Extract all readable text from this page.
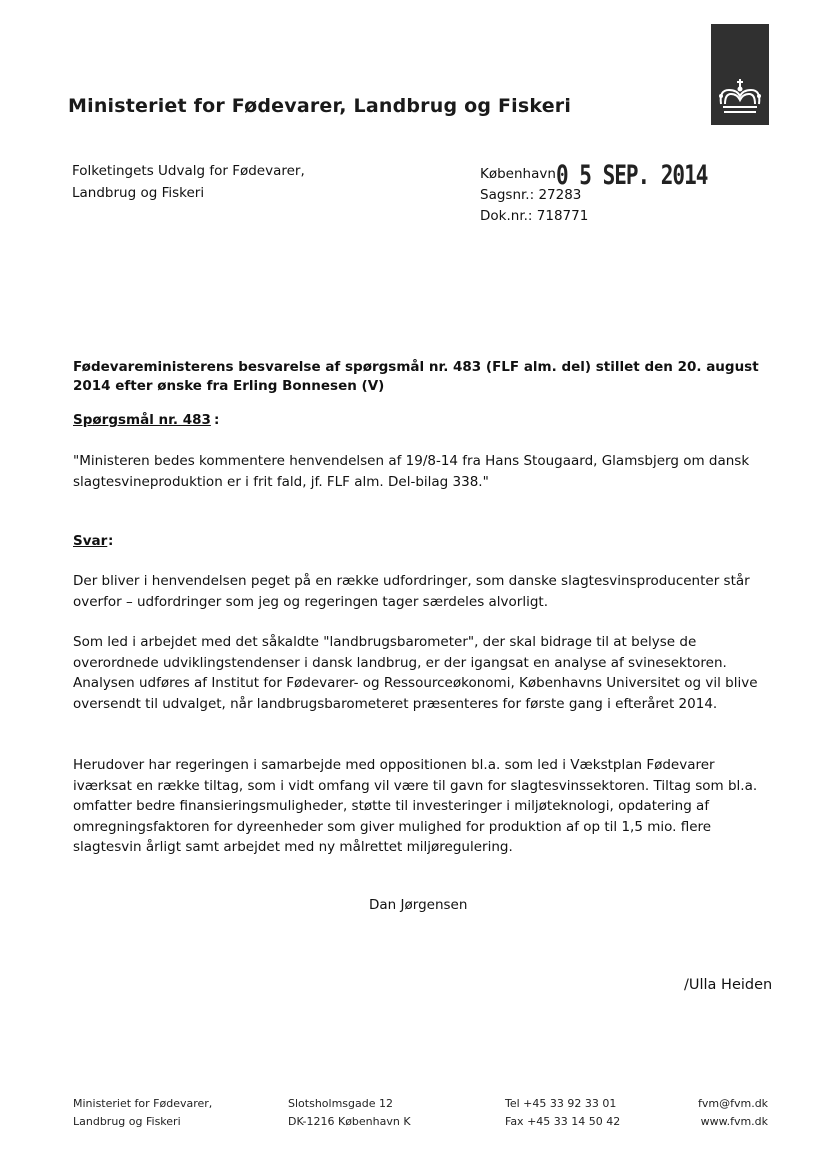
Ministeriet for Fødevarer, Landbrug og Fiskeri
Folketingets Udvalg for Fødevarer,
Landbrug og Fiskeri
København
Sagsnr.: 27283
Dok.nr.: 718771
0 5 SEP. 2014
Fødevareministerens besvarelse af spørgsmål nr. 483 (FLF alm. del) stillet den 20. august 2014 efter ønske fra Erling Bonnesen (V)
Spørgsmål nr. 483 :
"Ministeren bedes kommentere henvendelsen af 19/8-14 fra Hans Stougaard, Glamsbjerg om dansk slagtesvineproduktion er i frit fald, jf. FLF alm. Del-bilag 338."
Svar :
Der bliver i henvendelsen peget på en række udfordringer, som danske slagtesvinsproducenter står overfor – udfordringer som jeg og regeringen tager særdeles alvorligt.
Som led i arbejdet med det såkaldte "landbrugsbarometer", der skal bidrage til at belyse de overordnede udviklingstendenser i dansk landbrug, er der igangsat en analyse af svinesektoren. Analysen udføres af Institut for Fødevarer- og Ressourceøkonomi, Københavns Universitet og vil blive oversendt til udvalget, når landbrugsbarometeret præsenteres for første gang i efteråret 2014.
Herudover har regeringen i samarbejde med oppositionen bl.a. som led i Vækstplan Fødevarer iværksat en række tiltag, som i vidt omfang vil være til gavn for slagtesvinssektoren. Tiltag som bl.a. omfatter bedre finansieringsmuligheder, støtte til investeringer i miljøteknologi, opdatering af omregningsfaktoren for dyreenheder som giver mulighed for produktion af op til 1,5 mio. flere slagtesvin årligt samt arbejdet med ny målrettet miljøregulering.
Dan Jørgensen
/Ulla Heiden
Ministeriet for Fødevarer,
Landbrug og Fiskeri
Slotsholmsgade 12
DK-1216 København K
Tel +45 33 92 33 01
Fax +45 33 14 50 42
fvm@fvm.dk
www.fvm.dk
